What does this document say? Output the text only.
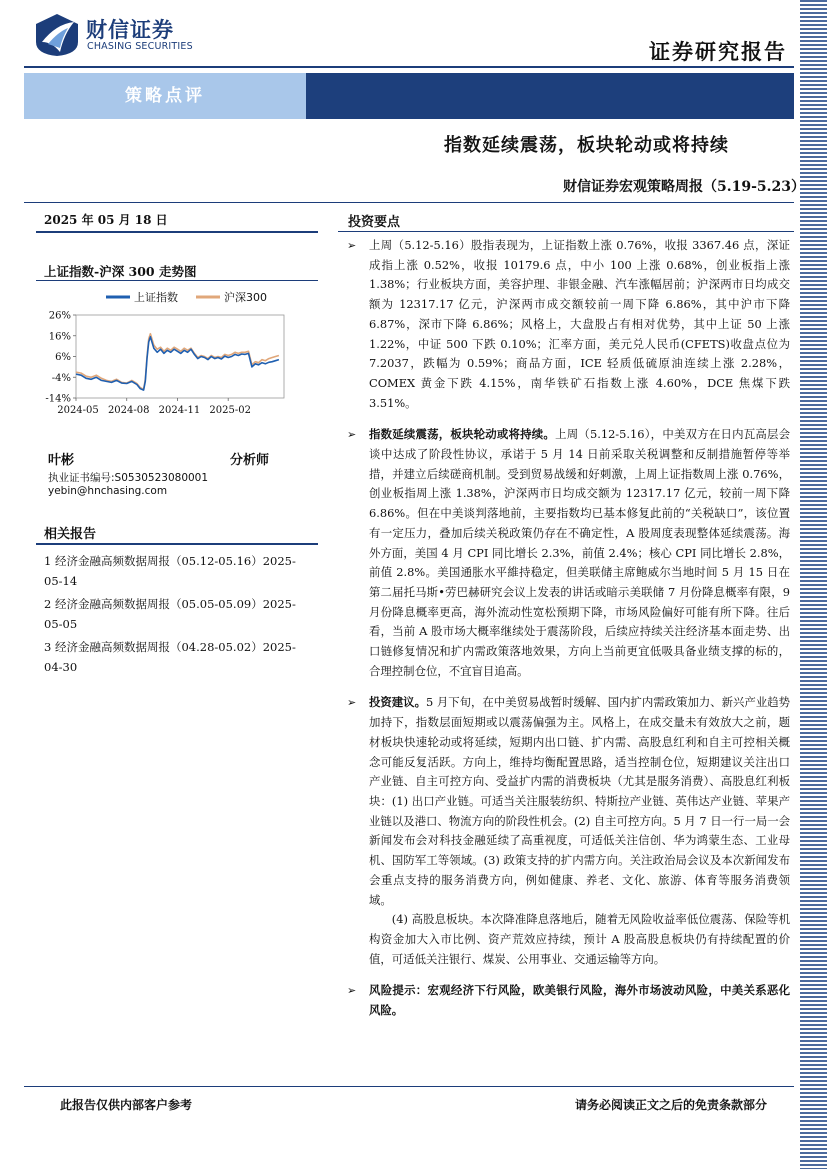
财信证券
CHASING SECURITIES	证券研究报告
策略点评
指数延续震荡，板块轮动或将持续
财信证券宏观策略周报（5.19-5.23）
2025 年 05 月 18 日
上证指数-沪深 300 走势图
26%
16%
6%
-4%
-14%
2024-05 2024-08 2024-11 2025-02
上证指数	沪深300
叶彬	分析师
执业证书编号:S0530523080001
yebin@hnchasing.com
相关报告
1 经济金融高频数据周报（05.12-05.16）2025-05-14
2 经济金融高频数据周报（05.05-05.09）2025-05-05
3 经济金融高频数据周报（04.28-05.02）2025-04-30
投资要点
➢ 上周（5.12-5.16）股指表现为，上证指数上涨 0.76%，收报 3367.46 点，深证成指上涨 0.52%，收报 10179.6 点，中小 100 上涨 0.68%，创业板指上涨 1.38%；行业板块方面，美容护理、非银金融、汽车涨幅居前；沪深两市日均成交额为 12317.17 亿元，沪深两市成交额较前一周下降 6.86%，其中沪市下降 6.87%，深市下降 6.86%；风格上，大盘股占有相对优势，其中上证 50 上涨 1.22%，中证 500 下跌 0.10%；汇率方面，美元兑人民币(CFETS)收盘点位为 7.2037，跌幅为 0.59%；商品方面，ICE 轻质低硫原油连续上涨 2.28%，COMEX 黄金下跌 4.15%，南华铁矿石指数上涨 4.60%，DCE 焦煤下跌 3.51%。

➢ 指数延续震荡，板块轮动或将持续。上周（5.12-5.16），中美双方在日内瓦高层会谈中达成了阶段性协议，承诺于 5 月 14 日前采取关税调整和反制措施暂停等举措，并建立后续磋商机制。受到贸易战缓和好刺激，上周上证指数周上涨 0.76%，创业板指周上涨 1.38%，沪深两市日均成交额为 12317.17 亿元，较前一周下降 6.86%。但在中美谈判落地前，主要指数均已基本修复此前的“关税缺口”，该位置有一定压力，叠加后续关税政策仍存在不确定性，A 股周度表现整体延续震荡。海外方面，美国 4 月 CPI 同比增长 2.3%，前值 2.4%；核心 CPI 同比增长 2.8%，前值 2.8%。美国通胀水平維持稳定，但美联储主席鲍威尔当地时间 5 月 15 日在第二届托马斯•劳巴赫研究会议上发表的讲话或暗示美联储 7 月份降息概率有限，9 月份降息概率更高，海外流动性宽松预期下降，市场风险偏好可能有所下降。往后看，当前 A 股市场大概率继续处于震荡阶段，后续应持续关注经济基本面走势、出口链修复情况和扩内需政策落地效果，方向上当前更宜低吸具备业绩支撑的标的，合理控制仓位，不宜盲目追高。

➢ 投资建议。5 月下旬，在中美贸易战暂时缓解、国内扩内需政策加力、新兴产业趋势加持下，指数层面短期或以震荡偏强为主。风格上，在成交量未有效放大之前，题材板块快速轮动或将延续，短期内出口链、扩内需、高股息红利和自主可控相关概念可能反复活跃。方向上，维持均衡配置思路，适当控制仓位，短期建议关注出口产业链、自主可控方向、受益扩内需的消费板块（尤其是服务消费）、高股息红利板块：(1) 出口产业链。可适当关注服装纺织、特斯拉产业链、英伟达产业链、苹果产业链以及港口、物流方向的阶段性机会。(2) 自主可控方向。5 月 7 日一行一局一会新闻发布会对科技金融延续了高重视度，可适低关注信创、华为鸿蒙生态、工业母机、国防军工等领域。(3) 政策支持的扩内需方向。关注政治局会议及本次新闻发布会重点支持的服务消费方向，例如健康、养老、文化、旅游、体育等服务消费领域。

(4) 高股息板块。本次降准降息落地后，随着无风险收益率低位震荡、保险等机构资金加大入市比例、资产荒效应持续，预计 A 股高股息板块仍有持续配置的价值，可适低关注银行、煤炭、公用事业、交通运输等方向。

➢ 风险提示：宏观经济下行风险，欧美银行风险，海外市场波动风险，中美关系恶化风险。

此报告仅供内部客户参考	请务必阅读正文之后的免责条款部分
